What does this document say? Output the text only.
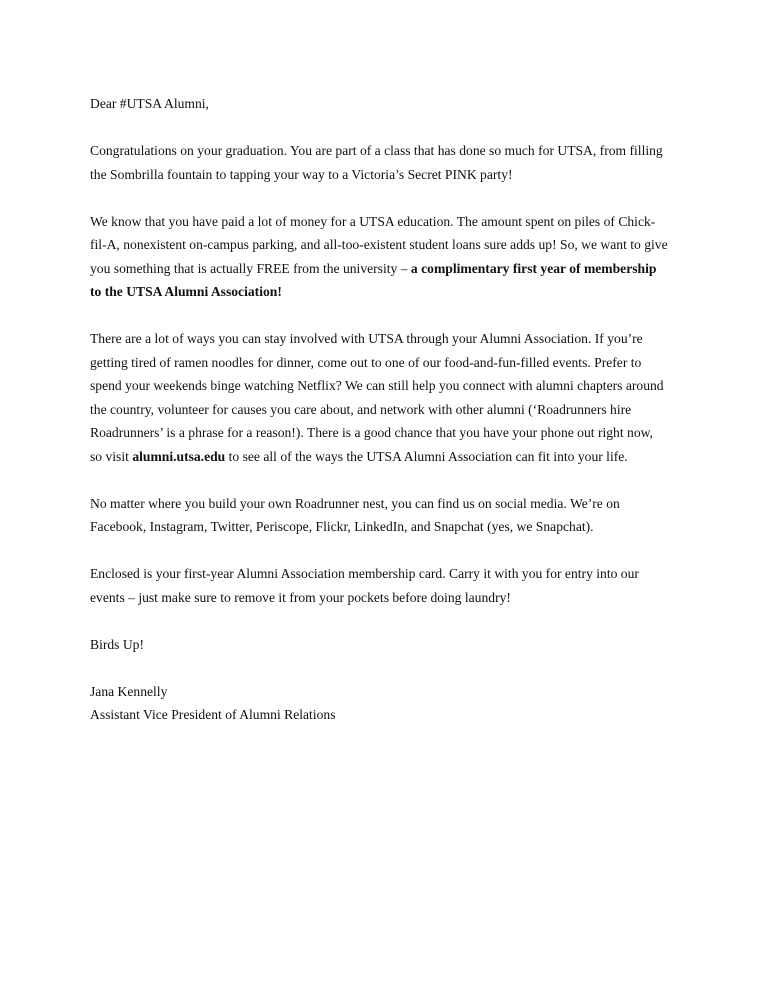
Dear #UTSA Alumni,
Congratulations on your graduation. You are part of a class that has done so much for UTSA, from filling
the Sombrilla fountain to tapping your way to a Victoria’s Secret PINK party!
We know that you have paid a lot of money for a UTSA education. The amount spent on piles of Chick-
fil-A, nonexistent on-campus parking, and all-too-existent student loans sure adds up! So, we want to give
you something that is actually FREE from the university – a complimentary first year of membership
to the UTSA Alumni Association!
There are a lot of ways you can stay involved with UTSA through your Alumni Association. If you’re
getting tired of ramen noodles for dinner, come out to one of our food-and-fun-filled events. Prefer to
spend your weekends binge watching Netflix? We can still help you connect with alumni chapters around
the country, volunteer for causes you care about, and network with other alumni (‘Roadrunners hire
Roadrunners’ is a phrase for a reason!). There is a good chance that you have your phone out right now,
so visit alumni.utsa.edu to see all of the ways the UTSA Alumni Association can fit into your life.
No matter where you build your own Roadrunner nest, you can find us on social media. We’re on
Facebook, Instagram, Twitter, Periscope, Flickr, LinkedIn, and Snapchat (yes, we Snapchat).
Enclosed is your first-year Alumni Association membership card. Carry it with you for entry into our
events – just make sure to remove it from your pockets before doing laundry!
Birds Up!
Jana Kennelly
Assistant Vice President of Alumni Relations
